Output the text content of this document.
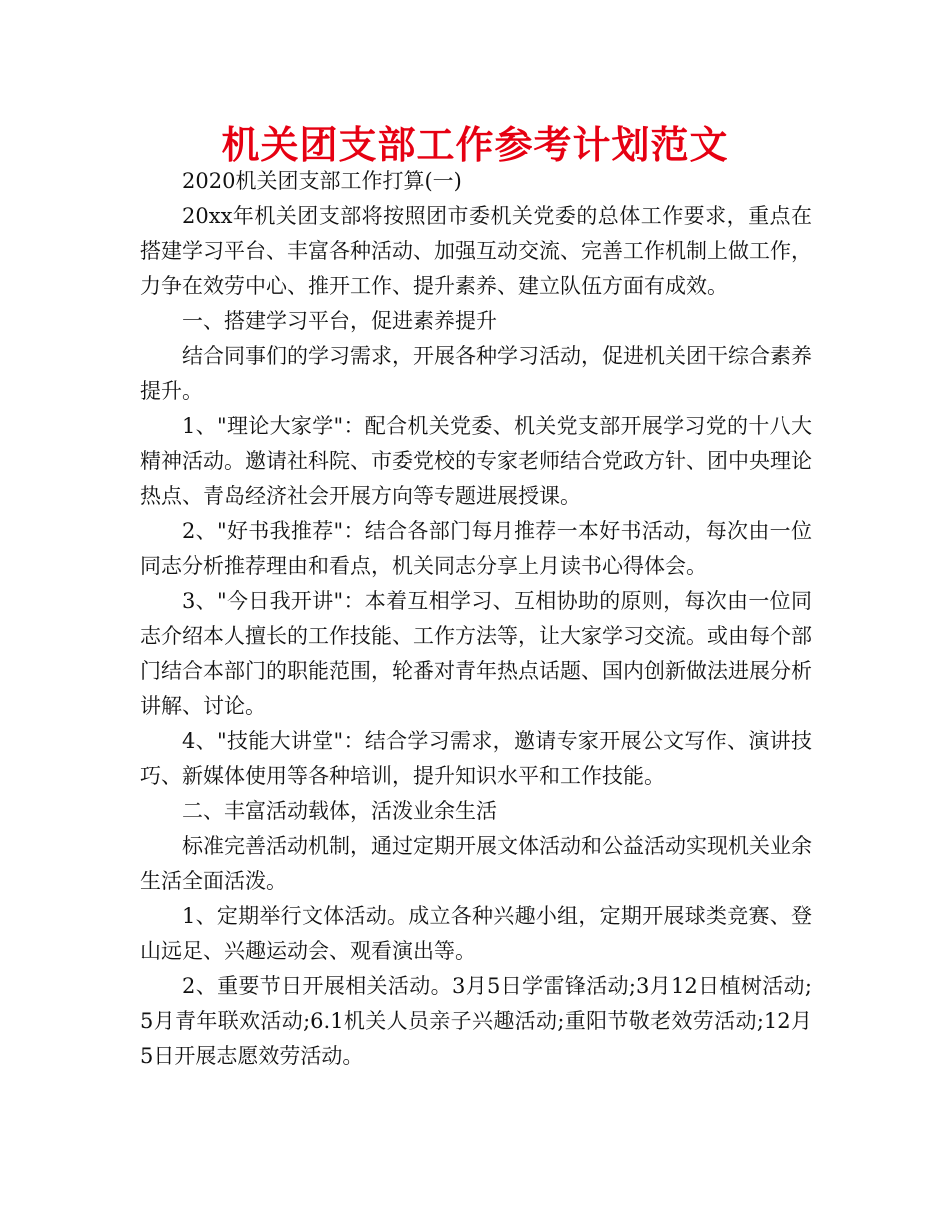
机关团支部工作参考计划范文

2020机关团支部工作打算(一)

20xx年机关团支部将按照团市委机关党委的总体工作要求，重点在搭建学习平台、丰富各种活动、加强互动交流、完善工作机制上做工作，力争在效劳中心、推开工作、提升素养、建立队伍方面有成效。

一、搭建学习平台，促进素养提升

结合同事们的学习需求，开展各种学习活动，促进机关团干综合素养提升。

1、"理论大家学"：配合机关党委、机关党支部开展学习党的十八大精神活动。邀请社科院、市委党校的专家老师结合党政方针、团中央理论热点、青岛经济社会开展方向等专题进展授课。

2、"好书我推荐"：结合各部门每月推荐一本好书活动，每次由一位同志分析推荐理由和看点，机关同志分享上月读书心得体会。

3、"今日我开讲"：本着互相学习、互相协助的原则，每次由一位同志介绍本人擅长的工作技能、工作方法等，让大家学习交流。或由每个部门结合本部门的职能范围，轮番对青年热点话题、国内创新做法进展分析讲解、讨论。

4、"技能大讲堂"：结合学习需求，邀请专家开展公文写作、演讲技巧、新媒体使用等各种培训，提升知识水平和工作技能。

二、丰富活动载体，活泼业余生活

标准完善活动机制，通过定期开展文体活动和公益活动实现机关业余生活全面活泼。

1、定期举行文体活动。成立各种兴趣小组，定期开展球类竞赛、登山远足、兴趣运动会、观看演出等。

2、重要节日开展相关活动。3月5日学雷锋活动;3月12日植树活动;5月青年联欢活动;6.1机关人员亲子兴趣活动;重阳节敬老效劳活动;12月5日开展志愿效劳活动。
